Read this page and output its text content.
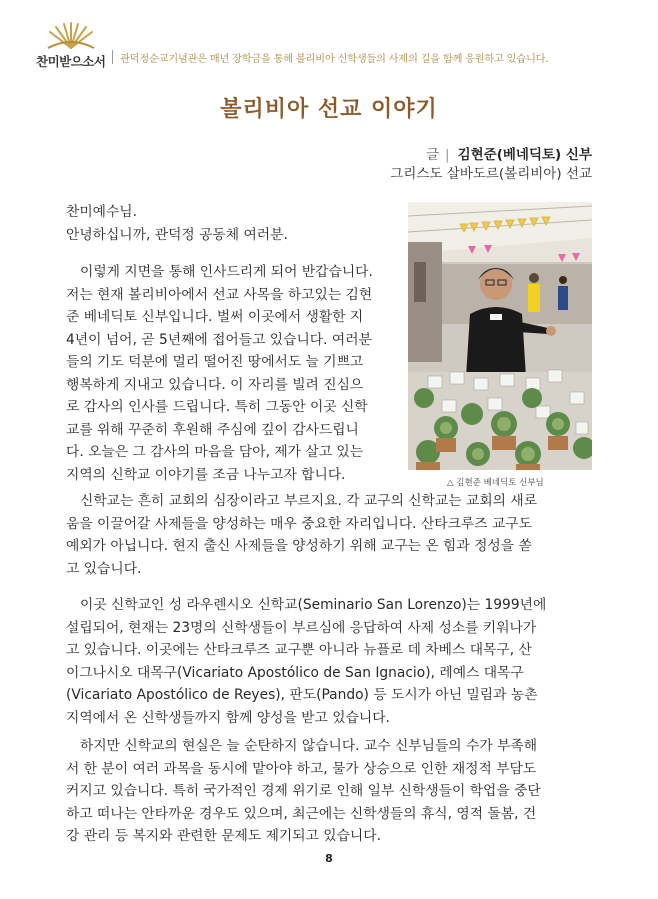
찬미받으소서 관덕정순교기념관은 매년 장학금을 통해 볼리비아 신학생들의 사제의 길을 함께 응원하고 있습니다.
볼리비아 선교 이야기
글 | 김현준(베네딕토) 신부
그리스도 살바도르(볼리비아) 선교
찬미예수님.
안녕하십니까, 관덕정 공동체 여러분.
이렇게 지면을 통해 인사드리게 되어 반갑습니다.
저는 현재 볼리비아에서 선교 사목을 하고있는 김현
준 베네딕토 신부입니다. 벌써 이곳에서 생활한 지
4년이 넘어, 곧 5년째에 접어들고 있습니다. 여러분
들의 기도 덕분에 멀리 떨어진 땅에서도 늘 기쁘고
행복하게 지내고 있습니다. 이 자리를 빌려 진심으
로 감사의 인사를 드립니다. 특히 그동안 이곳 신학
교를 위해 꾸준히 후원해 주심에 깊이 감사드립니
다. 오늘은 그 감사의 마음을 담아, 제가 살고 있는
지역의 신학교 이야기를 조금 나누고자 합니다.
△ 김현준 베네딕토 신부님
신학교는 흔히 교회의 심장이라고 부르지요. 각 교구의 신학교는 교회의 새로
움을 이끌어갈 사제들을 양성하는 매우 중요한 자리입니다. 산타크루즈 교구도
예외가 아닙니다. 현지 출신 사제들을 양성하기 위해 교구는 온 힘과 정성을 쏟
고 있습니다.
이곳 신학교인 성 라우렌시오 신학교(Seminario San Lorenzo)는 1999년에
설립되어, 현재는 23명의 신학생들이 부르심에 응답하여 사제 성소를 키워나가
고 있습니다. 이곳에는 산타크루즈 교구뿐 아니라 뉴플로 데 차베스 대목구, 산
이그나시오 대목구(Vicariato Apostólico de San Ignacio), 레예스 대목구
(Vicariato Apostólico de Reyes), 판도(Pando) 등 도시가 아닌 밀림과 농촌
지역에서 온 신학생들까지 함께 양성을 받고 있습니다.
하지만 신학교의 현실은 늘 순탄하지 않습니다. 교수 신부님들의 수가 부족해
서 한 분이 여러 과목을 동시에 맡아야 하고, 물가 상승으로 인한 재정적 부담도
커지고 있습니다. 특히 국가적인 경제 위기로 인해 일부 신학생들이 학업을 중단
하고 떠나는 안타까운 경우도 있으며, 최근에는 신학생들의 휴식, 영적 돌봄, 건
강 관리 등 복지와 관련한 문제도 제기되고 있습니다.
8
